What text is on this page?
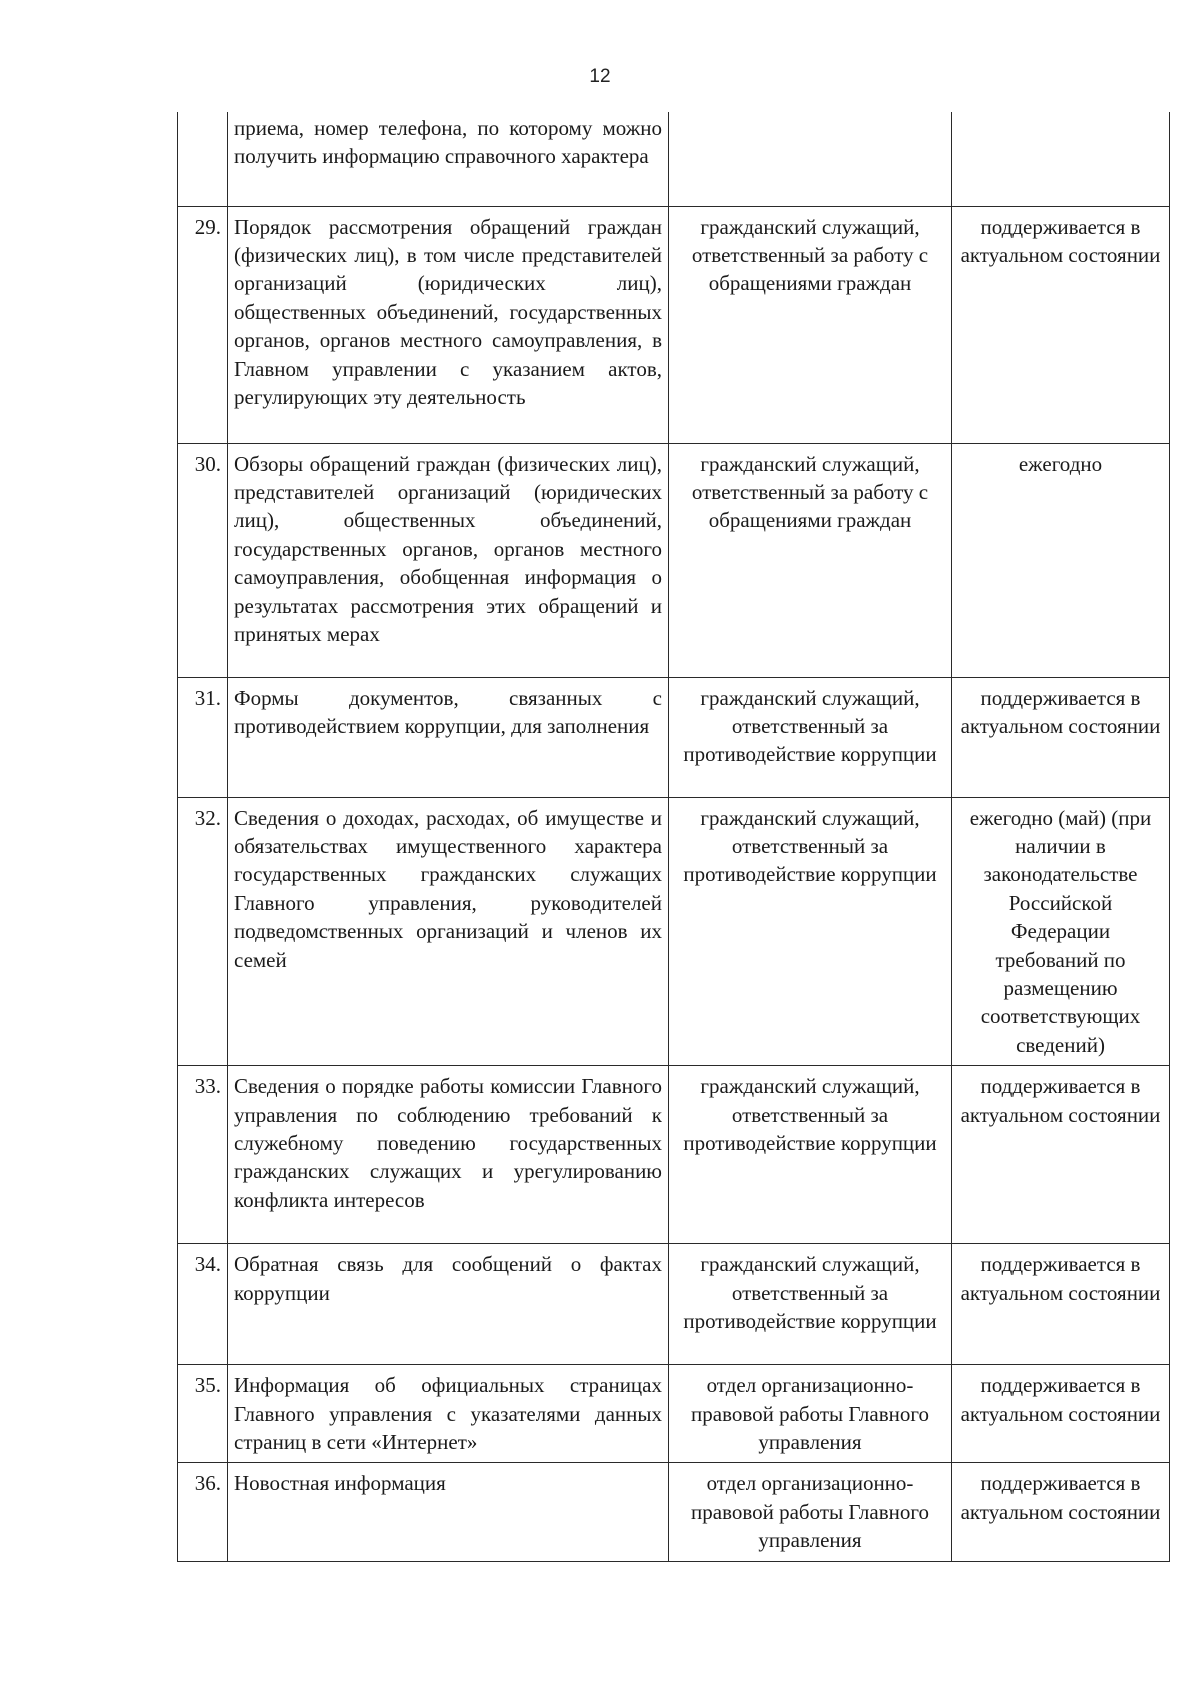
12
	приема, номер телефона, по которому можно получить информацию справочного характера		
29.	Порядок рассмотрения обращений граждан (физических лиц), в том числе представителей организаций (юридических лиц), общественных объединений, государственных органов, органов местного самоуправления, в Главном управлении с указанием актов, регулирующих эту деятельность	гражданский служащий, ответственный за работу с обращениями граждан	поддерживается в актуальном состоянии
30.	Обзоры обращений граждан (физических лиц), представителей организаций (юридических лиц), общественных объединений, государственных органов, органов местного самоуправления, обобщенная информация о результатах рассмотрения этих обращений и принятых мерах	гражданский служащий, ответственный за работу с обращениями граждан	ежегодно
31.	Формы документов, связанных с противодействием коррупции, для заполнения	гражданский служащий, ответственный за противодействие коррупции	поддерживается в актуальном состоянии
32.	Сведения о доходах, расходах, об имуществе и обязательствах имущественного характера государственных гражданских служащих Главного управления, руководителей подведомственных организаций и членов их семей	гражданский служащий, ответственный за противодействие коррупции	ежегодно (май) (при наличии в законодательстве Российской Федерации требований по размещению соответствующих сведений)
33.	Сведения о порядке работы комиссии Главного управления по соблюдению требований к служебному поведению государственных гражданских служащих и урегулированию конфликта интересов	гражданский служащий, ответственный за противодействие коррупции	поддерживается в актуальном состоянии
34.	Обратная связь для сообщений о фактах коррупции	гражданский служащий, ответственный за противодействие коррупции	поддерживается в актуальном состоянии
35.	Информация об официальных страницах Главного управления с указателями данных страниц в сети «Интернет»	отдел организационно-правовой работы Главного управления	поддерживается в актуальном состоянии
36.	Новостная информация	отдел организационно-правовой работы Главного управления	поддерживается в актуальном состоянии
